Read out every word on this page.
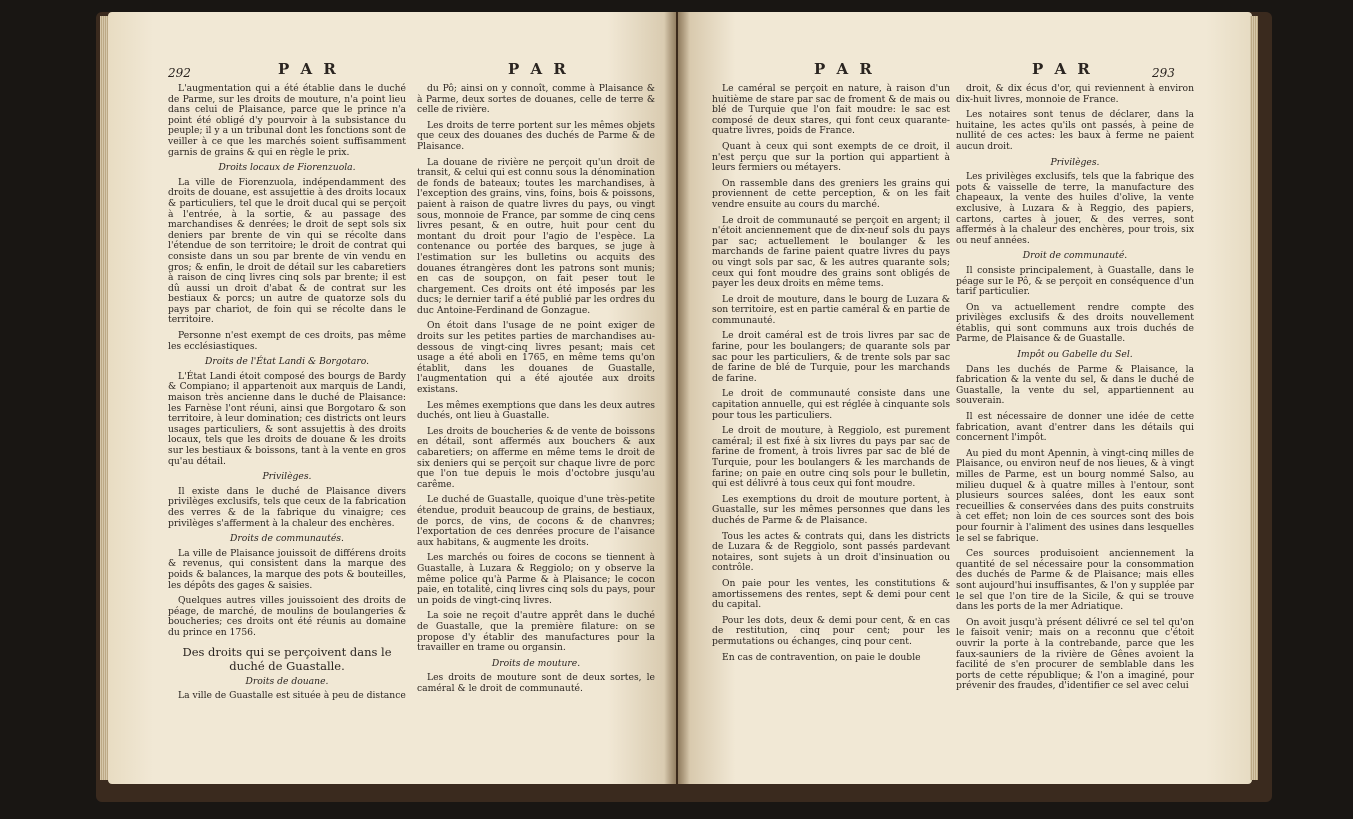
292	P A R	P A R	P A R	P A R	293

L'augmentation qui a été établie dans le duché de Parme, sur les droits de mouture, n'a point lieu dans celui de Plaisance, parce que le prince n'a point été obligé d'y pourvoir à la subsistance du peuple; il y a un tribunal dont les fonctions sont de veiller à ce que les marchés soient suffisamment garnis de grains & qui en règle le prix.

Droits locaux de Fiorenzuola.

La ville de Fiorenzuola, indépendamment des droits de douane, est assujettie à des droits locaux & particuliers, tel que le droit ducal qui se perçoit à l'entrée, à la sortie, & au passage des marchandises & denrées; le droit de sept sols six deniers par brente de vin qui se récolte dans l'étendue de son territoire; le droit de contrat qui consiste dans un sou par brente de vin vendu en gros; & enfin, le droit de détail sur les cabaretiers à raison de cinq livres cinq sols par brente; il est dû aussi un droit d'abat & de contrat sur les bestiaux & porcs; un autre de quatorze sols du pays par chariot, de foin qui se récolte dans le territoire.

Personne n'est exempt de ces droits, pas même les ecclésiastiques.

Droits de l'État Landi & Borgotaro.

L'État Landi étoit composé des bourgs de Bardy & Compiano; il appartenoit aux marquis de Landi, maison très ancienne dans le duché de Plaisance: les Farnèse l'ont réuni, ainsi que Borgotaro & son territoire, à leur domination; ces districts ont leurs usages particuliers, & sont assujettis à des droits locaux, tels que les droits de douane & les droits sur les bestiaux & boissons, tant à la vente en gros qu'au détail.

Privilèges.

Il existe dans le duché de Plaisance divers privilèges exclusifs, tels que ceux de la fabrication des verres & de la fabrique du vinaigre; ces privilèges s'afferment à la chaleur des enchères.

Droits de communautés.

La ville de Plaisance jouissoit de différens droits & revenus, qui consistent dans la marque des poids & balances, la marque des pots & bouteilles, les dépôts des gages & saisies.

Quelques autres villes jouissoient des droits de péage, de marché, de moulins de boulangeries & boucheries; ces droits ont été réunis au domaine du prince en 1756.

Des droits qui se perçoivent dans le duché de Guastalle.

Droits de douane.

La ville de Guastalle est située à peu de distance

du Pô; ainsi on y connoît, comme à Plaisance & à Parme, deux sortes de douanes, celle de terre & celle de rivière.

Les droits de terre portent sur les mêmes objets que ceux des douanes des duchés de Parme & de Plaisance.

La douane de rivière ne perçoit qu'un droit de transit, & celui qui est connu sous la dénomination de fonds de bateaux; toutes les marchandises, à l'exception des grains, vins, foins, bois & poissons, paient à raison de quatre livres du pays, ou vingt sous, monnoie de France, par somme de cinq cens livres pesant, & en outre, huit pour cent du montant du droit pour l'agio de l'espèce. La contenance ou portée des barques, se juge à l'estimation sur les bulletins ou acquits des douanes étrangères dont les patrons sont munis; en cas de soupçon, on fait peser tout le chargement. Ces droits ont été imposés par les ducs; le dernier tarif a été publié par les ordres du duc Antoine-Ferdinand de Gonzague.

On étoit dans l'usage de ne point exiger de droits sur les petites parties de marchandises au-dessous de vingt-cinq livres pesant; mais cet usage a été aboli en 1765, en même tems qu'on établit, dans les douanes de Guastalle, l'augmentation qui a été ajoutée aux droits existans.

Les mêmes exemptions que dans les deux autres duchés, ont lieu à Guastalle.

Les droits de boucheries & de vente de boissons en détail, sont affermés aux bouchers & aux cabaretiers; on afferme en même tems le droit de six deniers qui se perçoit sur chaque livre de porc que l'on tue depuis le mois d'octobre jusqu'au carême.

Le duché de Guastalle, quoique d'une très-petite étendue, produit beaucoup de grains, de bestiaux, de porcs, de vins, de cocons & de chanvres; l'exportation de ces denrées procure de l'aisance aux habitans, & augmente les droits.

Les marchés ou foires de cocons se tiennent à Guastalle, à Luzara & Reggiolo; on y observe la même police qu'à Parme & à Plaisance; le cocon paie, en totalité, cinq livres cinq sols du pays, pour un poids de vingt-cinq livres.

La soie ne reçoit d'autre apprêt dans le duché de Guastalle, que la première filature: on se propose d'y établir des manufactures pour la travailler en trame ou organsin.

Droits de mouture.

Les droits de mouture sont de deux sortes, le caméral & le droit de communauté.

Le caméral se perçoit en nature, à raison d'un huitième de stare par sac de froment & de mais ou blé de Turquie que l'on fait moudre: le sac est composé de deux stares, qui font ceux quarante-quatre livres, poids de France.

Quant à ceux qui sont exempts de ce droit, il n'est perçu que sur la portion qui appartient à leurs fermiers ou métayers.

On rassemble dans des greniers les grains qui proviennent de cette perception, & on les fait vendre ensuite au cours du marché.

Le droit de communauté se perçoit en argent; il n'étoit anciennement que de dix-neuf sols du pays par sac; actuellement le boulanger & les marchands de farine paient quatre livres du pays ou vingt sols par sac, & les autres quarante sols; ceux qui font moudre des grains sont obligés de payer les deux droits en même tems.

Le droit de mouture, dans le bourg de Luzara & son territoire, est en partie caméral & en partie de communauté.

Le droit caméral est de trois livres par sac de farine, pour les boulangers; de quarante sols par sac pour les particuliers, & de trente sols par sac de farine de blé de Turquie, pour les marchands de farine.

Le droit de communauté consiste dans une capitation annuelle, qui est réglée à cinquante sols pour tous les particuliers.

Le droit de mouture, à Reggiolo, est purement caméral; il est fixé à six livres du pays par sac de farine de froment, à trois livres par sac de blé de Turquie, pour les boulangers & les marchands de farine; on paie en outre cinq sols pour le bulletin, qui est délivré à tous ceux qui font moudre.

Les exemptions du droit de mouture portent, à Guastalle, sur les mêmes personnes que dans les duchés de Parme & de Plaisance.

Tous les actes & contrats qui, dans les districts de Luzara & de Reggiolo, sont passés pardevant notaires, sont sujets à un droit d'insinuation ou contrôle.

On paie pour les ventes, les constitutions & amortissemens des rentes, sept & demi pour cent du capital.

Pour les dots, deux & demi pour cent, & en cas de restitution, cinq pour cent; pour les permutations ou échanges, cinq pour cent.

En cas de contravention, on paie le double

droit, & dix écus d'or, qui reviennent à environ dix-huit livres, monnoie de France.

Les notaires sont tenus de déclarer, dans la huitaine, les actes qu'ils ont passés, à peine de nullité de ces actes: les baux à ferme ne paient aucun droit.

Privilèges.

Les privilèges exclusifs, tels que la fabrique des pots & vaisselle de terre, la manufacture des chapeaux, la vente des huiles d'olive, la vente exclusive, à Luzara & à Reggio, des papiers, cartons, cartes à jouer, & des verres, sont affermés à la chaleur des enchères, pour trois, six ou neuf années.

Droit de communauté.

Il consiste principalement, à Guastalle, dans le péage sur le Pô, & se perçoit en conséquence d'un tarif particulier.

On va actuellement rendre compte des privilèges exclusifs & des droits nouvellement établis, qui sont communs aux trois duchés de Parme, de Plaisance & de Guastalle.

Impôt ou Gabelle du Sel.

Dans les duchés de Parme & Plaisance, la fabrication & la vente du sel, & dans le duché de Guastalle, la vente du sel, appartiennent au souverain.

Il est nécessaire de donner une idée de cette fabrication, avant d'entrer dans les détails qui concernent l'impôt.

Au pied du mont Apennin, à vingt-cinq milles de Plaisance, ou environ neuf de nos lieues, & à vingt milles de Parme, est un bourg nommé Salso, au milieu duquel & à quatre milles à l'entour, sont plusieurs sources salées, dont les eaux sont recueillies & conservées dans des puits construits à cet effet; non loin de ces sources sont des bois pour fournir à l'aliment des usines dans lesquelles le sel se fabrique.

Ces sources produisoient anciennement la quantité de sel nécessaire pour la consommation des duchés de Parme & de Plaisance; mais elles sont aujourd'hui insuffisantes, & l'on y supplée par le sel que l'on tire de la Sicile, & qui se trouve dans les ports de la mer Adriatique.

On avoit jusqu'à présent délivré ce sel tel qu'on le faisoit venir; mais on a reconnu que c'étoit ouvrir la porte à la contrebande, parce que les faux-sauniers de la rivière de Gênes avoient la facilité de s'en procurer de semblable dans les ports de cette république; & l'on a imaginé, pour prévenir des fraudes, d'identifier ce sel avec celui
